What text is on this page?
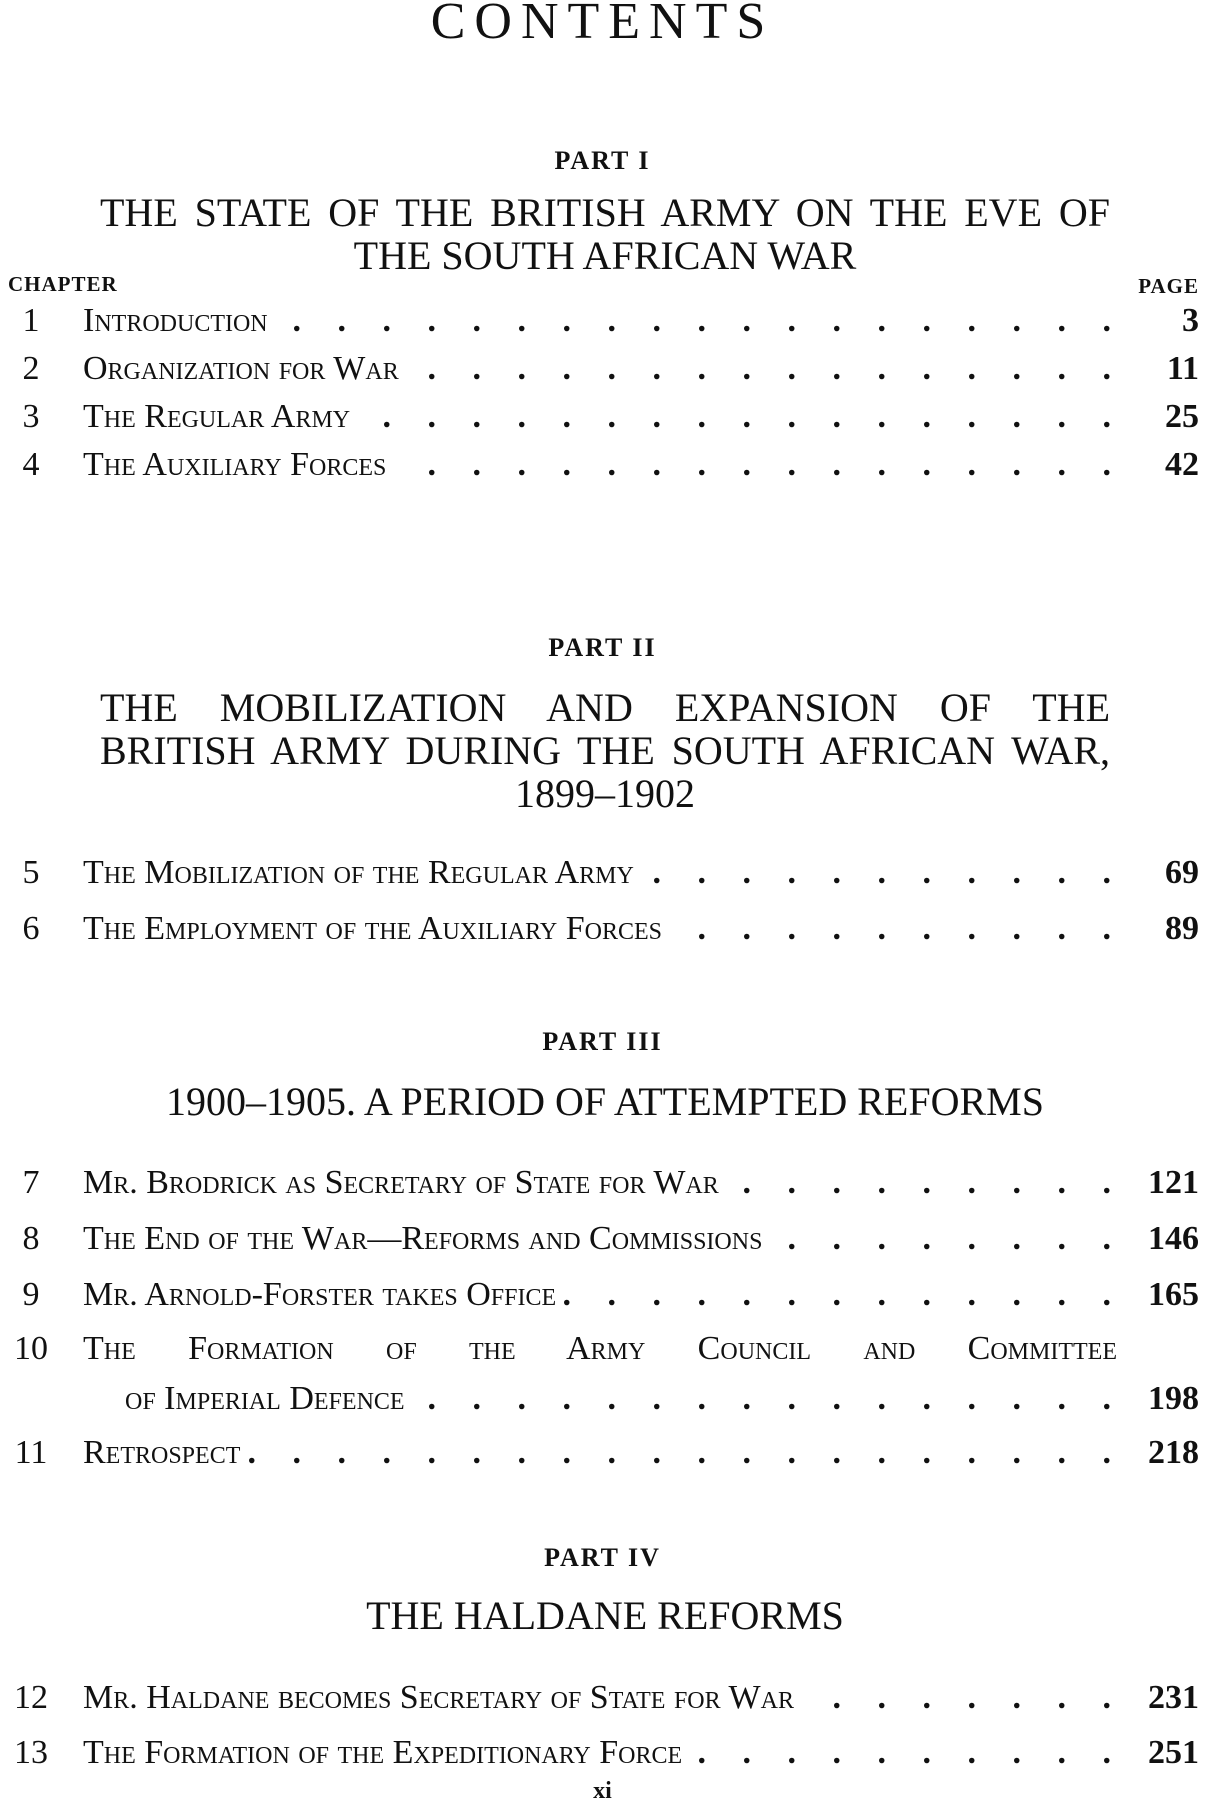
CONTENTS
PART I
THE STATE OF THE BRITISH ARMY ON THE EVE OF THE SOUTH AFRICAN WAR
CHAPTER	PAGE
1	Introduction . . .	3
2	Organization for War . . .	11
3	The Regular Army . . .	25
4	The Auxiliary Forces . . .	42
PART II
THE MOBILIZATION AND EXPANSION OF THE BRITISH ARMY DURING THE SOUTH AFRICAN WAR, 1899–1902
5	The Mobilization of the Regular Army . . .	69
6	The Employment of the Auxiliary Forces . . .	89
PART III
1900–1905. A PERIOD OF ATTEMPTED REFORMS
7	Mr. Brodrick as Secretary of State for War . . .	121
8	The End of the War—Reforms and Commissions . . .	146
9	Mr. Arnold-Forster takes Office . . .	165
10 The Formation of the Army Council and Committee
of Imperial Defence . . .	198
11 Retrospect . . .	218
PART IV
THE HALDANE REFORMS
12 Mr. Haldane becomes Secretary of State for War . . .	231
13 The Formation of the Expeditionary Force . . .	251
xi
